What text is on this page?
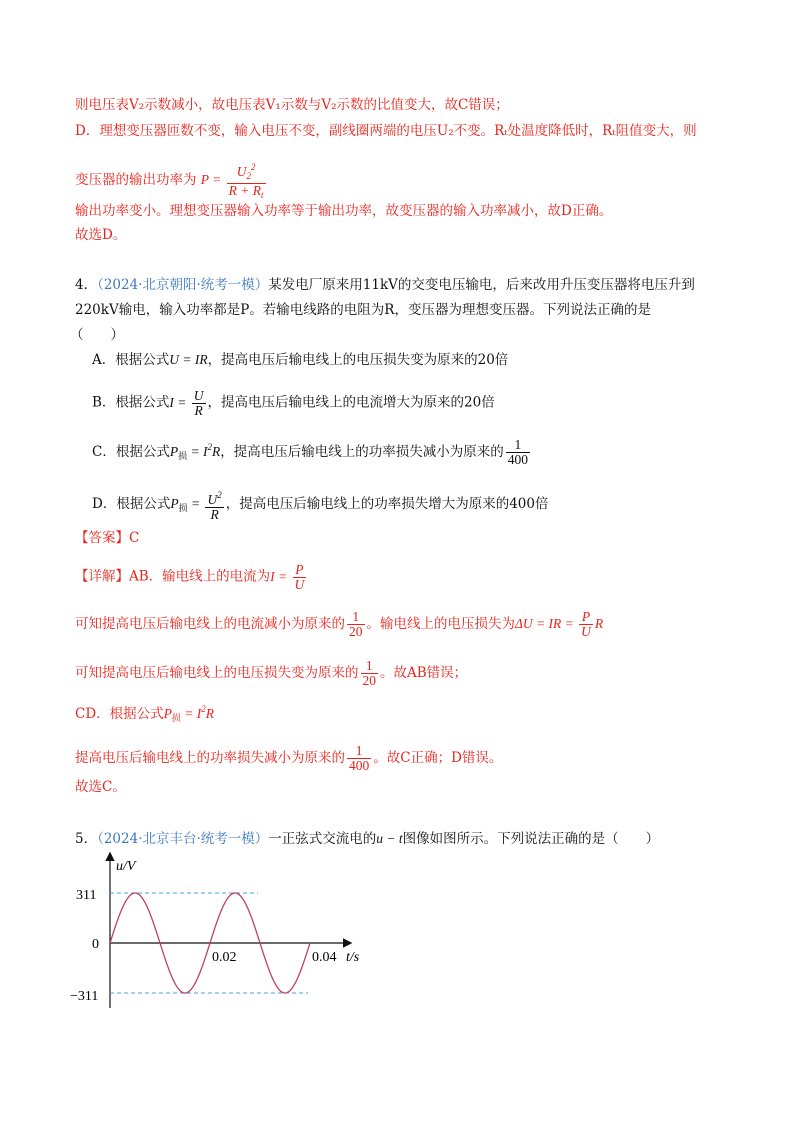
则电压表V₂示数减小，故电压表V₁示数与V₂示数的比值变大，故C错误；
D．理想变压器匝数不变，输入电压不变，副线圈两端的电压U₂不变。Rₜ处温度降低时，Rₜ阻值变大，则
变压器的输出功率为 $P = \frac{U_2^2}{R + R_t}$
输出功率变小。理想变压器输入功率等于输出功率，故变压器的输入功率减小，故D正确。
故选D。
4．（2024·北京朝阳·统考一模）某发电厂原来用11kV的交变电压输电，后来改用升压变压器将电压升到
220kV输电，输入功率都是P。若输电线路的电阻为R，变压器为理想变压器。下列说法正确的是
（　　）
A．根据公式U = IR，提高电压后输电线上的电压损失变为原来的20倍
B．根据公式$I = \frac{U}{R}$ ，提高电压后输电线上的电流增大为原来的20倍
C．根据公式$P_损 = I^2R$，提高电压后输电线上的功率损失减小为原来的 $\frac{1}{400}$
D．根据公式$P_损 = \frac{U^2}{R}$ ，提高电压后输电线上的功率损失增大为原来的400倍
【答案】C
【详解】AB．输电线上的电流为$I = \frac{P}{U}$
可知提高电压后输电线上的电流减小为原来的 $\frac{1}{20}$ 。输电线上的电压损失为ΔU = IR = $\frac{P}{U}$ R
可知提高电压后输电线上的电压损失变为原来的 $\frac{1}{20}$ 。故AB错误；
CD．根据公式$P_损 = I^2R$
提高电压后输电线上的功率损失减小为原来的 $\frac{1}{400}$ 。故C正确；D错误。
故选C。
5．（2024·北京丰台·统考一模）一正弦式交流电的u − t图像如图所示。下列说法正确的是（　　）
u/V
311
0
−311
0.02	0.04 t/s
